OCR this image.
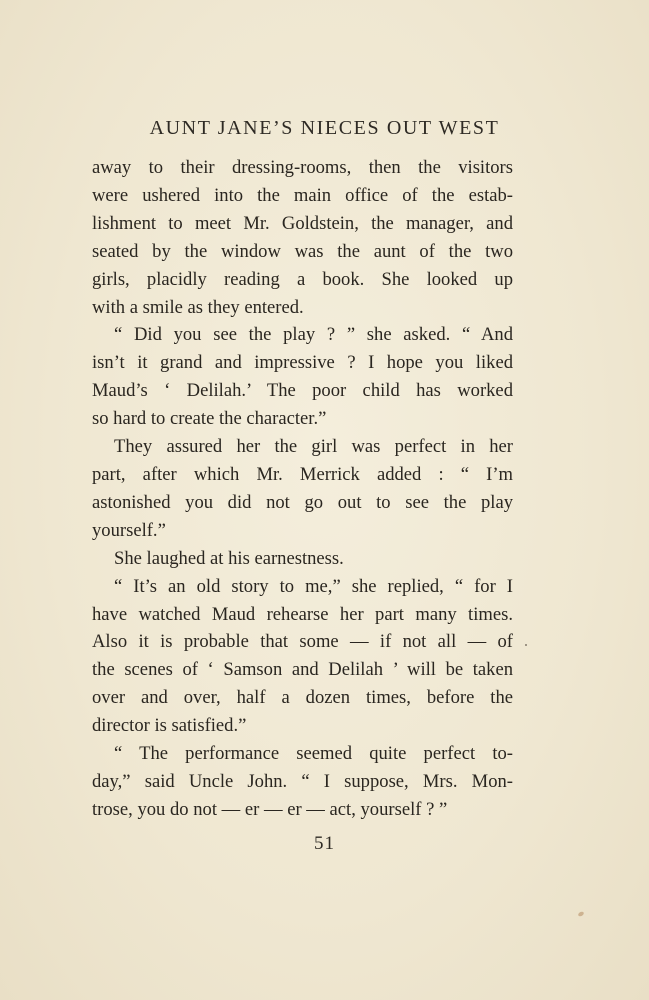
AUNT JANE’S NIECES OUT WEST
away to their dressing-rooms, then the visitors
were ushered into the main office of the estab-
lishment to meet Mr. Goldstein, the manager, and
seated by the window was the aunt of the two
girls, placidly reading a book. She looked up
with a smile as they entered.
“ Did you see the play ? ” she asked. “ And
isn’t it grand and impressive ? I hope you liked
Maud’s ‘ Delilah.’ The poor child has worked
so hard to create the character.”
They assured her the girl was perfect in her
part, after which Mr. Merrick added : “ I’m
astonished you did not go out to see the play
yourself.”
She laughed at his earnestness.
“ It’s an old story to me,” she replied, “ for I
have watched Maud rehearse her part many times.
Also it is probable that some — if not all — of
the scenes of ‘ Samson and Delilah ’ will be taken
over and over, half a dozen times, before the
director is satisfied.”
“ The performance seemed quite perfect to-
day,” said Uncle John. “ I suppose, Mrs. Mon-
trose, you do not — er — er — act, yourself ? ”
51
